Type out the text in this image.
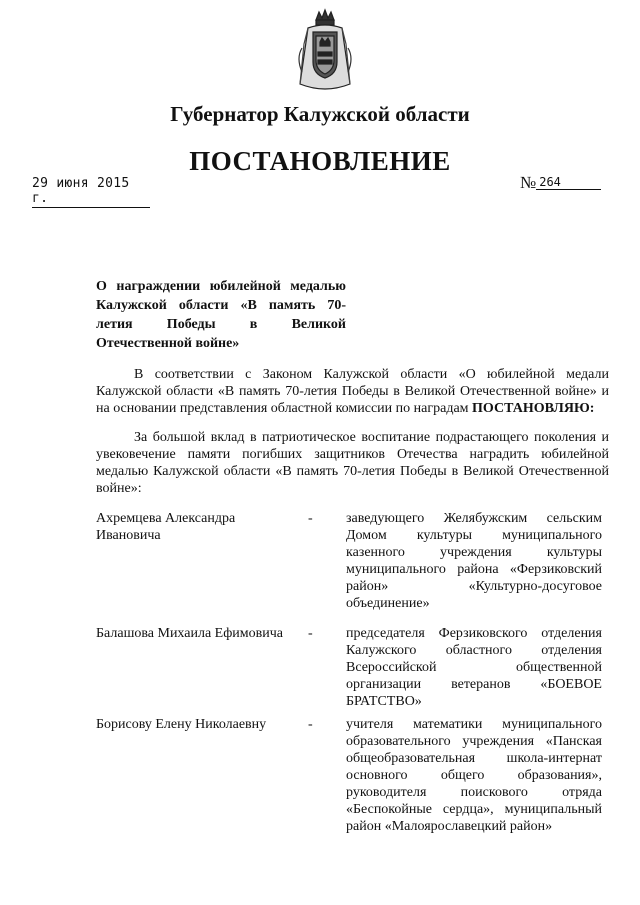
Губернатор Калужской области
ПОСТАНОВЛЕНИЕ
29 июня 2015 г.
№ 264
О награждении юбилейной медалью Калужской области «В память 70-летия Победы в Великой Отечественной войне»
В соответствии с Законом Калужской области «О юбилейной медали Калужской области «В память 70-летия Победы в Великой Отечественной войне» и на основании представления областной комиссии по наградам ПОСТАНОВЛЯЮ:
За большой вклад в патриотическое воспитание подрастающего поколения и увековечение памяти погибших защитников Отечества наградить юбилейной медалью Калужской области «В память 70-летия Победы в Великой Отечественной войне»:
Ахремцева Александра Ивановича
- заведующего Желябужским сельским Домом культуры муниципального казенного учреждения культуры муниципального района «Ферзиковский район» «Культурно-досуговое объединение»
Балашова Михаила Ефимовича	- председателя Ферзиковского отделения Калужского областного отделения Всероссийской общественной организации ветеранов «БОЕВОЕ БРАТСТВО»
Борисову Елену Николаевну	- учителя математики муниципального образовательного учреждения «Панская общеобразовательная школа-интернат основного общего образования», руководителя поискового отряда «Беспокойные сердца», муниципальный район «Малоярославецкий район»
